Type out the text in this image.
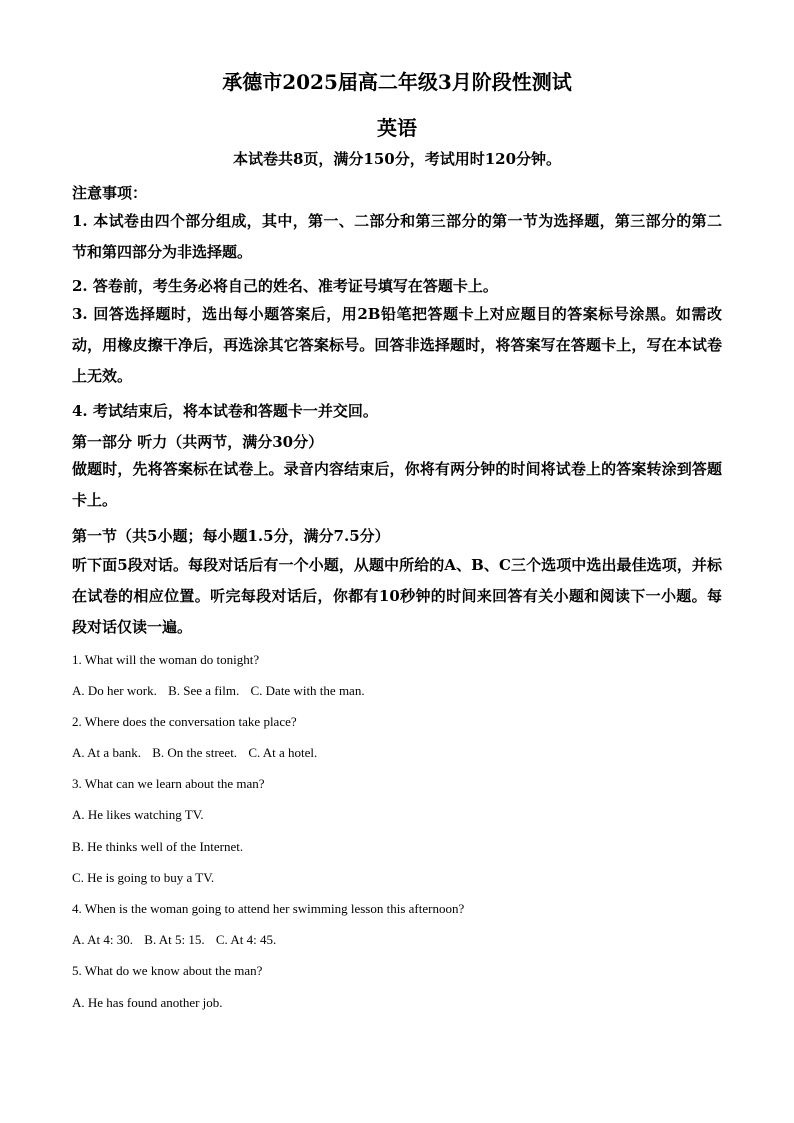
承德市2025届高二年级3月阶段性测试
英语
本试卷共8页，满分150分，考试用时120分钟。
注意事项：
1. 本试卷由四个部分组成，其中，第一、二部分和第三部分的第一节为选择题，第三部分的第二节和第四部分为非选择题。
2. 答卷前，考生务必将自己的姓名、准考证号填写在答题卡上。
3. 回答选择题时，选出每小题答案后，用2B铅笔把答题卡上对应题目的答案标号涂黑。如需改动，用橡皮擦干净后，再选涂其它答案标号。回答非选择题时，将答案写在答题卡上，写在本试卷上无效。
4. 考试结束后，将本试卷和答题卡一并交回。
第一部分 听力（共两节，满分30分）
做题时，先将答案标在试卷上。录音内容结束后，你将有两分钟的时间将试卷上的答案转涂到答题卡上。
第一节（共5小题；每小题1.5分，满分7.5分）
听下面5段对话。每段对话后有一个小题，从题中所给的A、B、C三个选项中选出最佳选项，并标在试卷的相应位置。听完每段对话后，你都有10秒钟的时间来回答有关小题和阅读下一小题。每段对话仅读一遍。
1. What will the woman do tonight?
A. Do her work. B. See a film. C. Date with the man.
2. Where does the conversation take place?
A. At a bank. B. On the street. C. At a hotel.
3. What can we learn about the man?
A. He likes watching TV.
B. He thinks well of the Internet.
C. He is going to buy a TV.
4. When is the woman going to attend her swimming lesson this afternoon?
A. At 4: 30. B. At 5: 15. C. At 4: 45.
5. What do we know about the man?
A. He has found another job.
